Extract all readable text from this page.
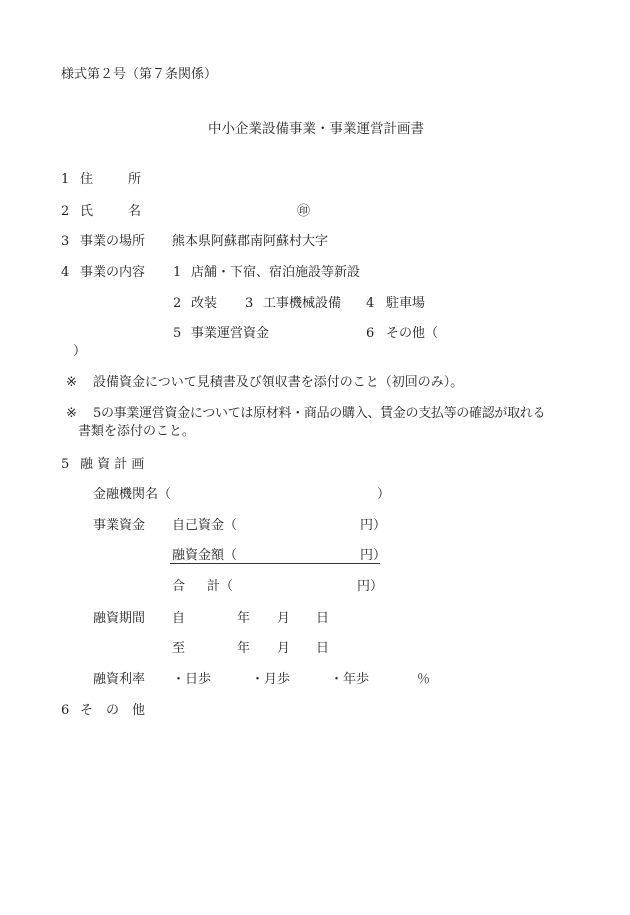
様式第２号（第７条関係）
中小企業設備事業・事業運営計画書
1 住	所
2 氏	名	㊞
3 事業の場所 熊本県阿蘇郡南阿蘇村大字
4 事業の内容 1 店舗・下宿、宿泊施設等新設
2 改装 3 工事機械設備 4 駐車場
5 事業運営資金	6 その他（
）
※ 設備資金について見積書及び領収書を添付のこと（初回のみ）。
※ 5の事業運営資金については原材料・商品の購入、賃金の支払等の確認が取れる
書類を添付のこと。
5 融 資 計 画
金融機関名（	）
事業資金 自己資金（	円）
融資金額（	円）
合 計（	円）
融資期間 自	年 月 日
至	年 月 日
融資利率 ・日歩	・月歩	・年歩	％
6 そ　の　他
